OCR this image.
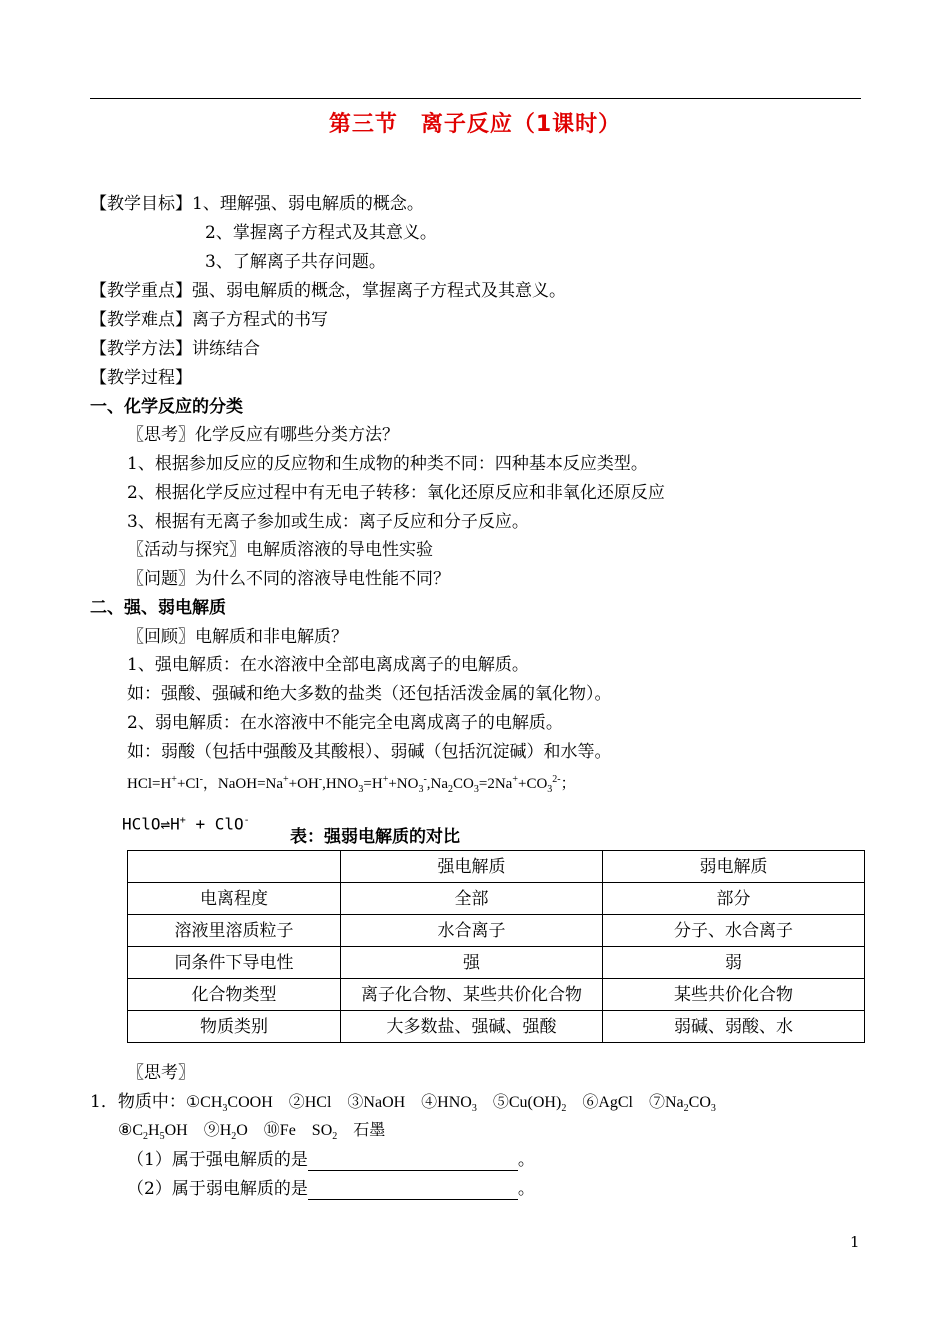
第三节　离子反应（1课时）
【教学目标】1、理解强、弱电解质的概念。
2、掌握离子方程式及其意义。
3、了解离子共存问题。
【教学重点】强、弱电解质的概念，掌握离子方程式及其意义。
【教学难点】离子方程式的书写
【教学方法】讲练结合
【教学过程】
一、化学反应的分类
〖思考〗化学反应有哪些分类方法？
1、根据参加反应的反应物和生成物的种类不同：四种基本反应类型。
2、根据化学反应过程中有无电子转移：氧化还原反应和非氧化还原反应
3、根据有无离子参加或生成：离子反应和分子反应。
〖活动与探究〗电解质溶液的导电性实验
〖问题〗为什么不同的溶液导电性能不同？
二、强、弱电解质
〖回顾〗电解质和非电解质？
1、强电解质：在水溶液中全部电离成离子的电解质。
如：强酸、强碱和绝大多数的盐类（还包括活泼金属的氧化物）。
2、弱电解质：在水溶液中不能完全电离成离子的电解质。
如：弱酸（包括中强酸及其酸根）、弱碱（包括沉淀碱）和水等。
HCl=H++Cl-，$NaOH=Na^++OH^-,HNO_3=H^++NO_3^-,Na_2CO_3=2Na^++CO_3^{2-}$；
HClO⇌H+ + ClO-
表：强弱电解质的对比
	强电解质	弱电解质
电离程度	全部	部分
溶液里溶质粒子	水合离子	分子、水合离子
同条件下导电性	强	弱
化合物类型	离子化合物、某些共价化合物	某些共价化合物
物质类别	大多数盐、强碱、强酸	弱碱、弱酸、水
〖思考〗
1．物质中：$①CH_3COOH$　②HCl　③NaOH　$④HNO_3$　$⑤Cu(OH)_2$　⑥AgCl　$⑦Na_2CO_3$
$⑧C_2H_5OH$　$⑨H_2O$　⑩Fe　$SO_2$　石墨
（1）属于强电解质的是	。
（2）属于弱电解质的是	。
1
